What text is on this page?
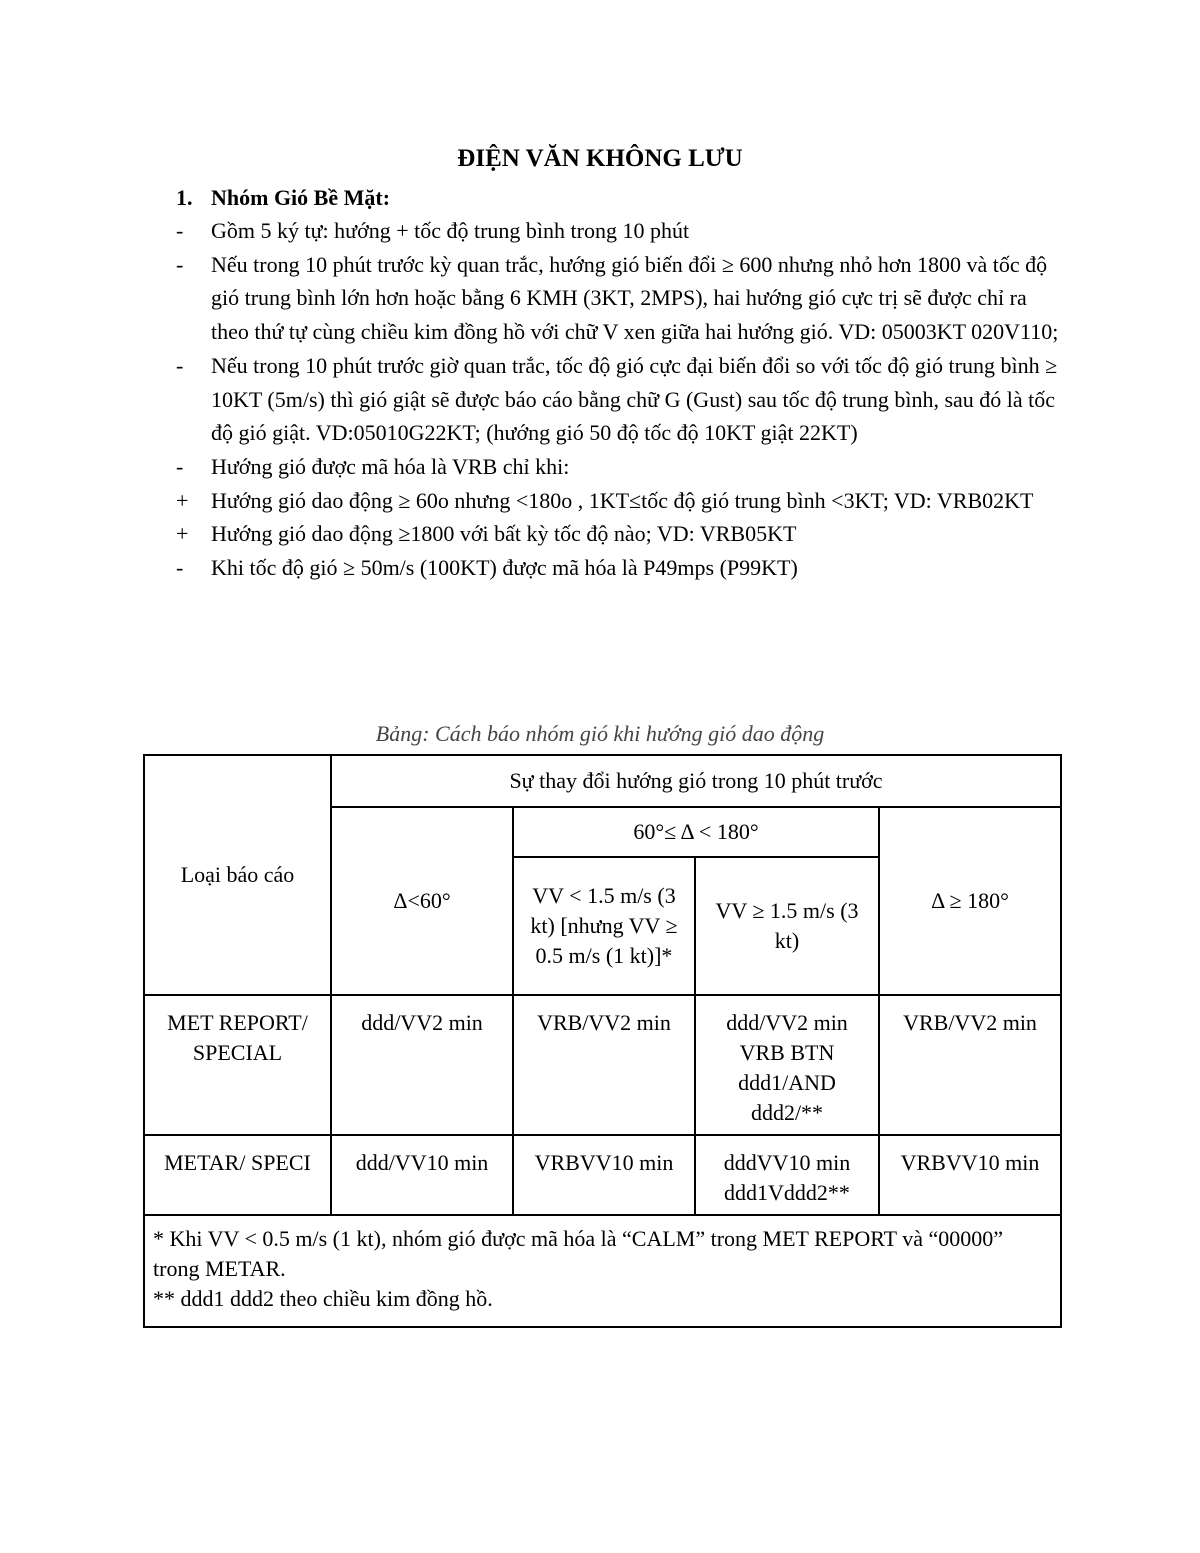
ĐIỆN VĂN KHÔNG LƯU
1. Nhóm Gió Bề Mặt:
-	Gồm 5 ký tự: hướng + tốc độ trung bình trong 10 phút
-	Nếu trong 10 phút trước kỳ quan trắc, hướng gió biến đổi ≥ 600 nhưng nhỏ hơn 1800 và tốc độ gió trung bình lớn hơn hoặc bằng 6 KMH (3KT, 2MPS), hai hướng gió cực trị sẽ được chỉ ra theo thứ tự cùng chiều kim đồng hồ với chữ V xen giữa hai hướng gió. VD: 05003KT 020V110;
-	Nếu trong 10 phút trước giờ quan trắc, tốc độ gió cực đại biến đổi so với tốc độ gió trung bình ≥ 10KT (5m/s) thì gió giật sẽ được báo cáo bằng chữ G (Gust) sau tốc độ trung bình, sau đó là tốc độ gió giật. VD:05010G22KT; (hướng gió 50 độ tốc độ 10KT giật 22KT)
-	Hướng gió được mã hóa là VRB chỉ khi:
+	Hướng gió dao động ≥ 60o nhưng <180o , 1KT≤tốc độ gió trung bình <3KT; VD: VRB02KT
+	Hướng gió dao động ≥1800 với bất kỳ tốc độ nào; VD: VRB05KT
-	Khi tốc độ gió ≥ 50m/s (100KT) được mã hóa là P49mps (P99KT)
Bảng: Cách báo nhóm gió khi hướng gió dao động
Loại báo cáo	Sự thay đổi hướng gió trong 10 phút trước			
	Δ<60°	60°≤ Δ < 180°		Δ ≥ 180°
		VV < 1.5 m/s (3 kt) [nhưng VV ≥ 0.5 m/s (1 kt)]*	VV ≥ 1.5 m/s (3 kt)	
MET REPORT/ SPECIAL	ddd/VV2 min	VRB/VV2 min	ddd/VV2 min VRB BTN ddd1/AND ddd2/**	VRB/VV2 min
METAR/ SPECI	ddd/VV10 min	VRBVV10 min	dddVV10 min ddd1Vddd2**	VRBVV10 min

* Khi VV < 0.5 m/s (1 kt), nhóm gió được mã hóa là “CALM” trong MET REPORT và “00000” trong METAR.
** ddd1 ddd2 theo chiều kim đồng hồ.				
